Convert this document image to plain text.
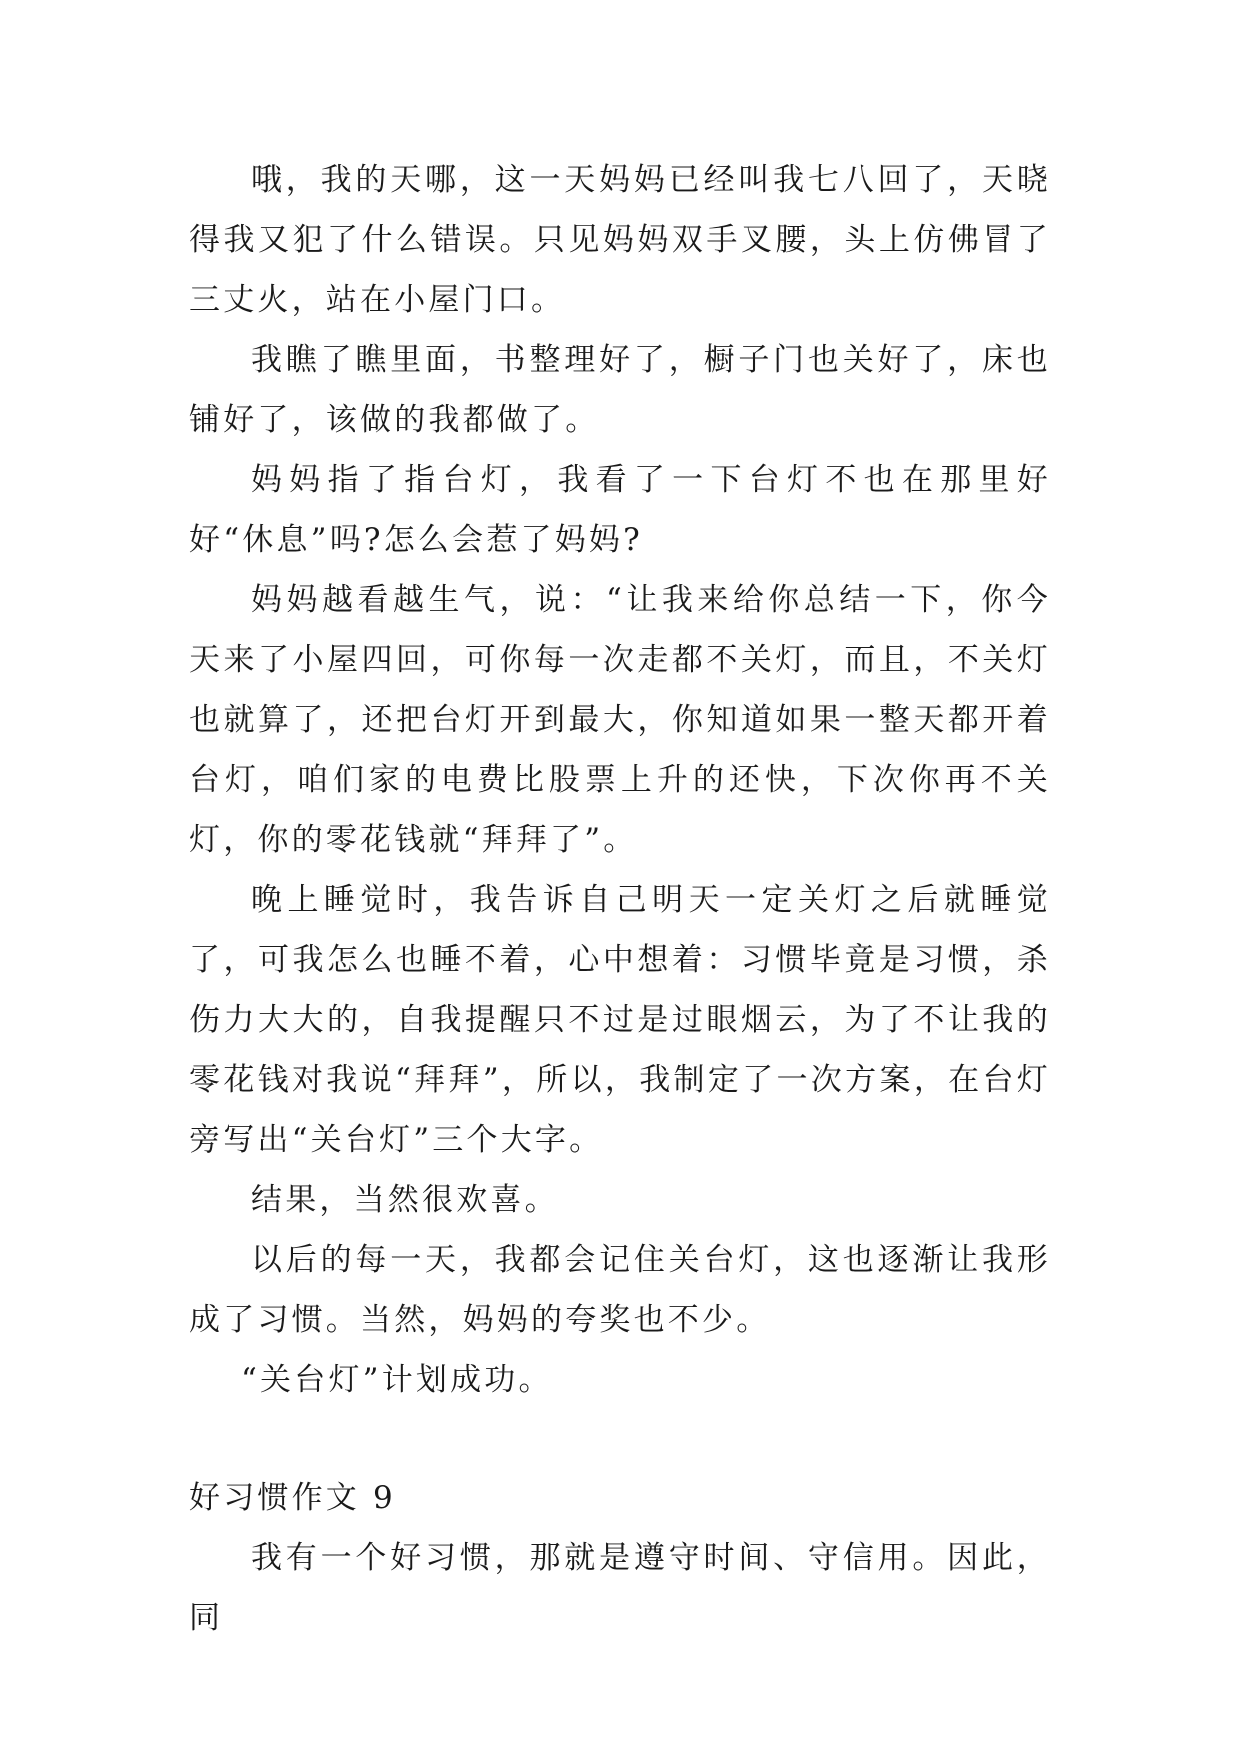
哦，我的天哪，这一天妈妈已经叫我七八回了，天晓得我又犯了什么错误。只见妈妈双手叉腰，头上仿佛冒了三丈火，站在小屋门口。

我瞧了瞧里面，书整理好了，橱子门也关好了，床也铺好了，该做的我都做了。

妈妈指了指台灯，我看了一下台灯不也在那里好好“休息”吗?怎么会惹了妈妈?

妈妈越看越生气，说：“让我来给你总结一下，你今天来了小屋四回，可你每一次走都不关灯，而且，不关灯也就算了，还把台灯开到最大，你知道如果一整天都开着台灯，咱们家的电费比股票上升的还快，下次你再不关灯，你的零花钱就“拜拜了”。

晚上睡觉时，我告诉自己明天一定关灯之后就睡觉了，可我怎么也睡不着，心中想着：习惯毕竟是习惯，杀伤力大大的，自我提醒只不过是过眼烟云，为了不让我的零花钱对我说“拜拜”，所以，我制定了一次方案，在台灯旁写出“关台灯”三个大字。

结果，当然很欢喜。

以后的每一天，我都会记住关台灯，这也逐渐让我形成了习惯。当然，妈妈的夸奖也不少。

“关台灯”计划成功。

好习惯作文 9

我有一个好习惯，那就是遵守时间、守信用。因此，同
